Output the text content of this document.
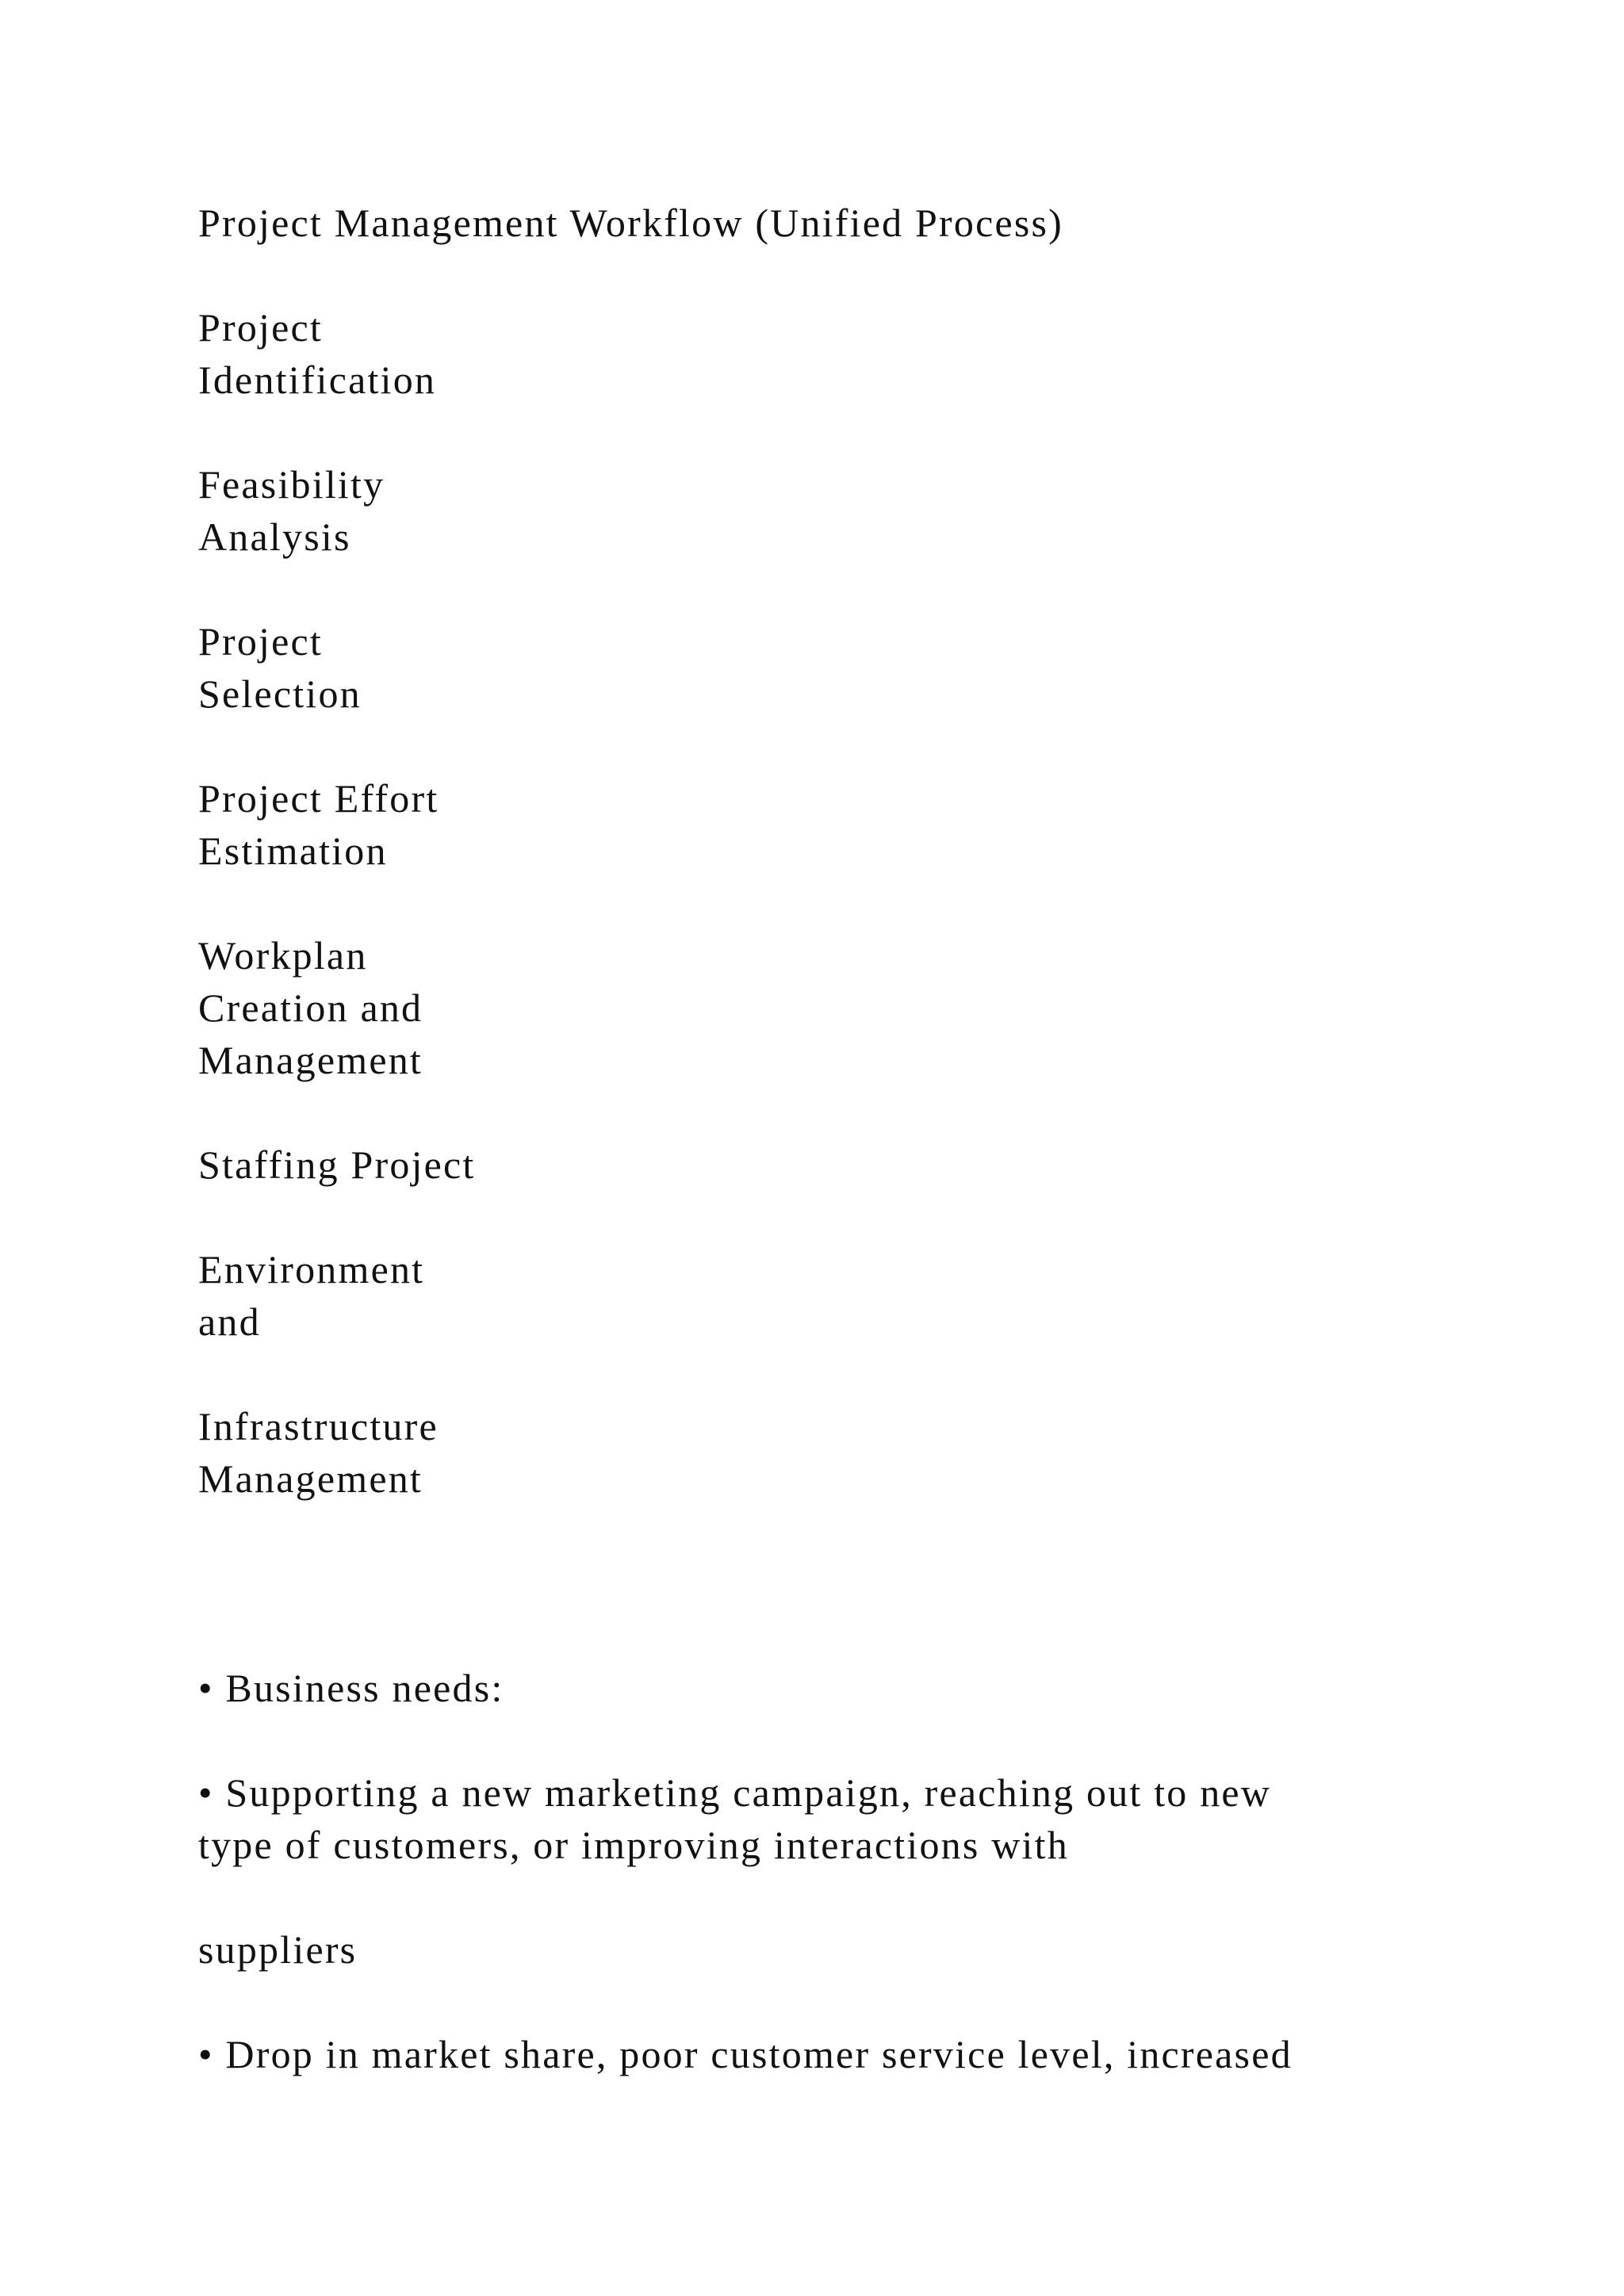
Project Management Workflow (Unified Process)

Project
Identification

Feasibility
Analysis

Project
Selection

Project Effort
Estimation

Workplan
Creation and
Management

Staffing Project

Environment
and

Infrastructure
Management

• Business needs:

• Supporting a new marketing campaign, reaching out to new
type of customers, or improving interactions with

suppliers

• Drop in market share, poor customer service level, increased
